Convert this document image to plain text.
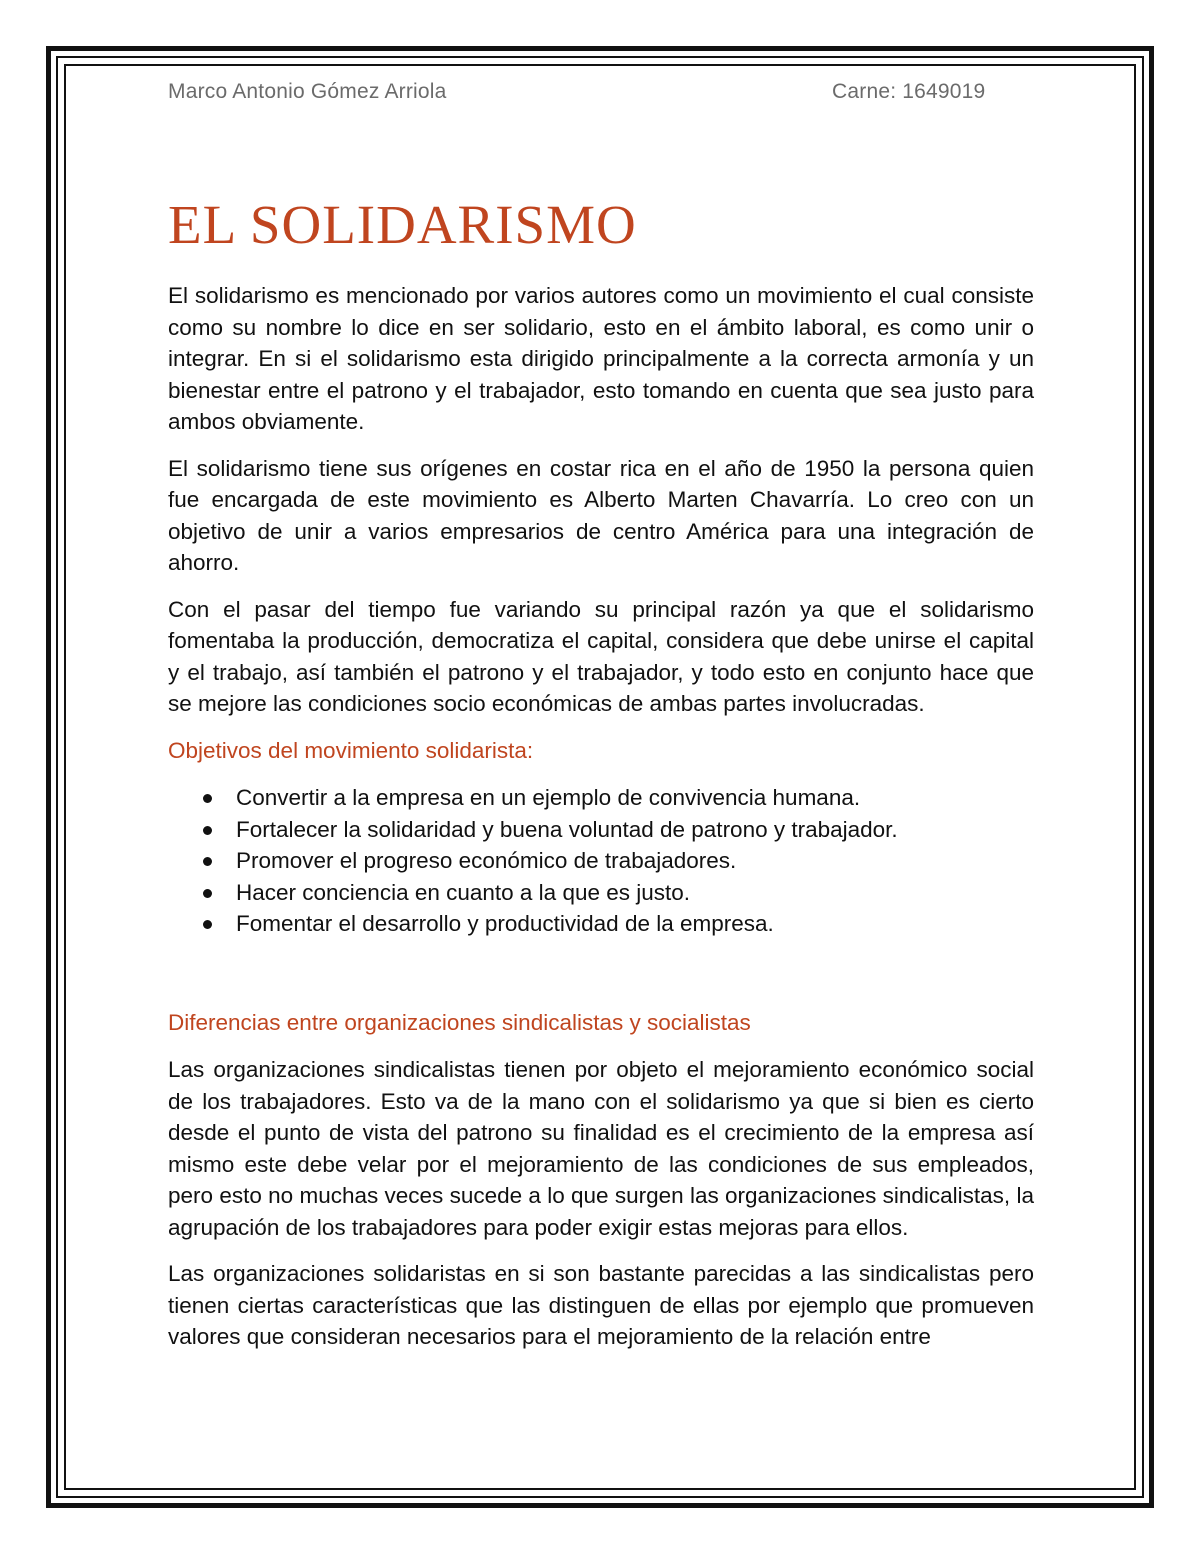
Marco Antonio Gómez Arriola	Carne: 1649019
EL SOLIDARISMO

El solidarismo es mencionado por varios autores como un movimiento el cual consiste como su nombre lo dice en ser solidario, esto en el ámbito laboral, es como unir o integrar. En si el solidarismo esta dirigido principalmente a la correcta armonía y un bienestar entre el patrono y el trabajador, esto tomando en cuenta que sea justo para ambos obviamente.

El solidarismo tiene sus orígenes en costar rica en el año de 1950 la persona quien fue encargada de este movimiento es Alberto Marten Chavarría. Lo creo con un objetivo de unir a varios empresarios de centro América para una integración de ahorro.

Con el pasar del tiempo fue variando su principal razón ya que el solidarismo fomentaba la producción, democratiza el capital, considera que debe unirse el capital y el trabajo, así también el patrono y el trabajador, y todo esto en conjunto hace que se mejore las condiciones socio económicas de ambas partes involucradas.

Objetivos del movimiento solidarista:
Convertir a la empresa en un ejemplo de convivencia humana.
Fortalecer la solidaridad y buena voluntad de patrono y trabajador.
Promover el progreso económico de trabajadores.
Hacer conciencia en cuanto a la que es justo.
Fomentar el desarrollo y productividad de la empresa.
Diferencias entre organizaciones sindicalistas y socialistas

Las organizaciones sindicalistas tienen por objeto el mejoramiento económico social de los trabajadores. Esto va de la mano con el solidarismo ya que si bien es cierto desde el punto de vista del patrono su finalidad es el crecimiento de la empresa así mismo este debe velar por el mejoramiento de las condiciones de sus empleados, pero esto no muchas veces sucede a lo que surgen las organizaciones sindicalistas, la agrupación de los trabajadores para poder exigir estas mejoras para ellos.

Las organizaciones solidaristas en si son bastante parecidas a las sindicalistas pero tienen ciertas características que las distinguen de ellas por ejemplo que promueven valores que consideran necesarios para el mejoramiento de la relación entre
